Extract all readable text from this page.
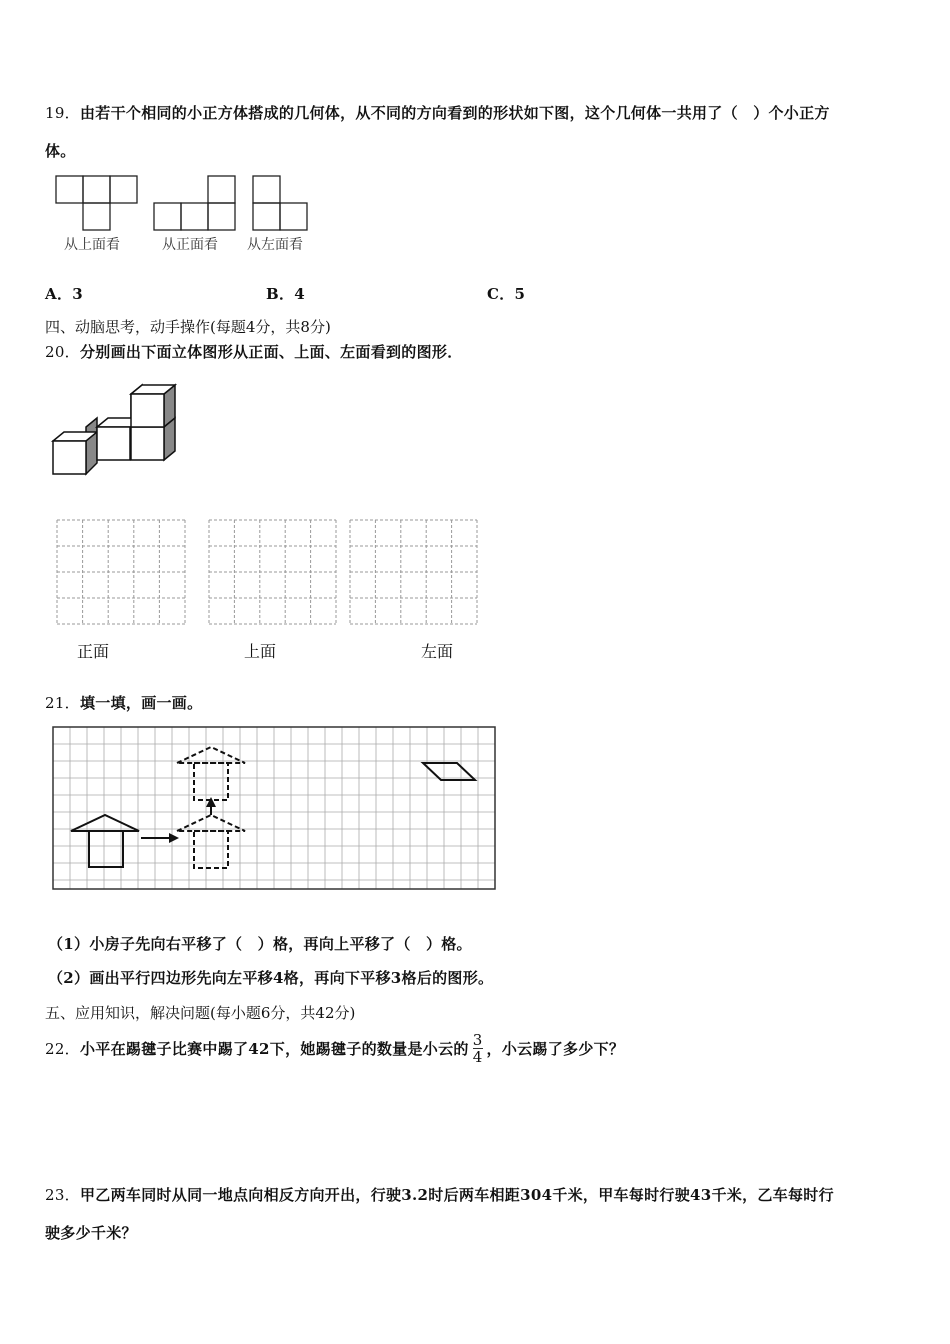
19．由若干个相同的小正方体搭成的几何体，从不同的方向看到的形状如下图，这个几何体一共用了（　）个小正方
体。
从上面看	从正面看 从左面看
A．3	B．4	C．5
四、动脑思考，动手操作(每题4分，共8分)
20．分别画出下面立体图形从正面、上面、左面看到的图形．
正面	上面	左面
21．填一填，画一画。
（1）小房子先向右平移了（　）格，再向上平移了（　）格。
（2）画出平行四边形先向左平移4格，再向下平移3格后的图形。
五、应用知识，解决问题(每小题6分，共42分)
22． 小平在踢毽子比赛中踢了42下，她踢毽子的数量是小云的 $\frac{3}{4}$ ，小云踢了多少下？
23．甲乙两车同时从同一地点向相反方向开出，行驶3.2时后两车相距304千米，甲车每时行驶43千米，乙车每时行
驶多少千米？
